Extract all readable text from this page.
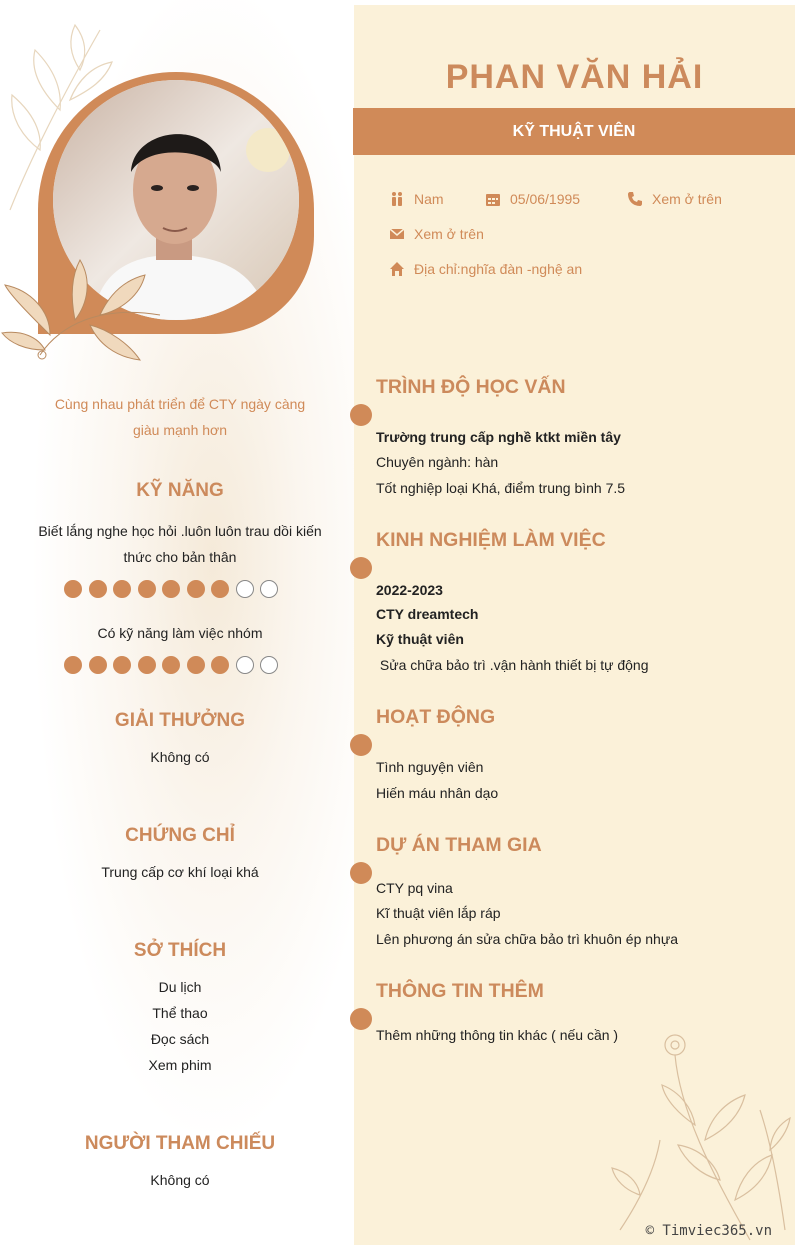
PHAN VĂN HẢI
KỸ THUẬT VIÊN
Nam	05/06/1995	Xem ở trên
Xem ở trên
Địa chỉ:nghĩa đàn -nghệ an
Cùng nhau phát triển để CTY ngày càng giàu mạnh hơn
KỸ NĂNG
Biết lắng nghe học hỏi .luôn luôn trau dồi kiến thức cho bản thân
Có kỹ năng làm việc nhóm
GIẢI THƯỞNG
Không có
CHỨNG CHỈ
Trung cấp cơ khí loại khá
SỞ THÍCH
Du lịch
Thể thao
Đọc sách
Xem phim
NGƯỜI THAM CHIẾU
Không có
TRÌNH ĐỘ HỌC VẤN
Trường trung cấp nghề ktkt miền tây
Chuyên ngành: hàn
Tốt nghiệp loại Khá, điểm trung bình 7.5
KINH NGHIỆM LÀM VIỆC
2022-2023
CTY dreamtech
Kỹ thuật viên
Sửa chữa bảo trì .vận hành thiết bị tự động
HOẠT ĐỘNG
Tình nguyện viên
Hiến máu nhân dạo
DỰ ÁN THAM GIA
CTY pq vina
Kĩ thuật viên lắp ráp
Lên phương án sửa chữa bảo trì khuôn ép nhựa
THÔNG TIN THÊM
Thêm những thông tin khác ( nếu cần )
© Timviec365.vn
